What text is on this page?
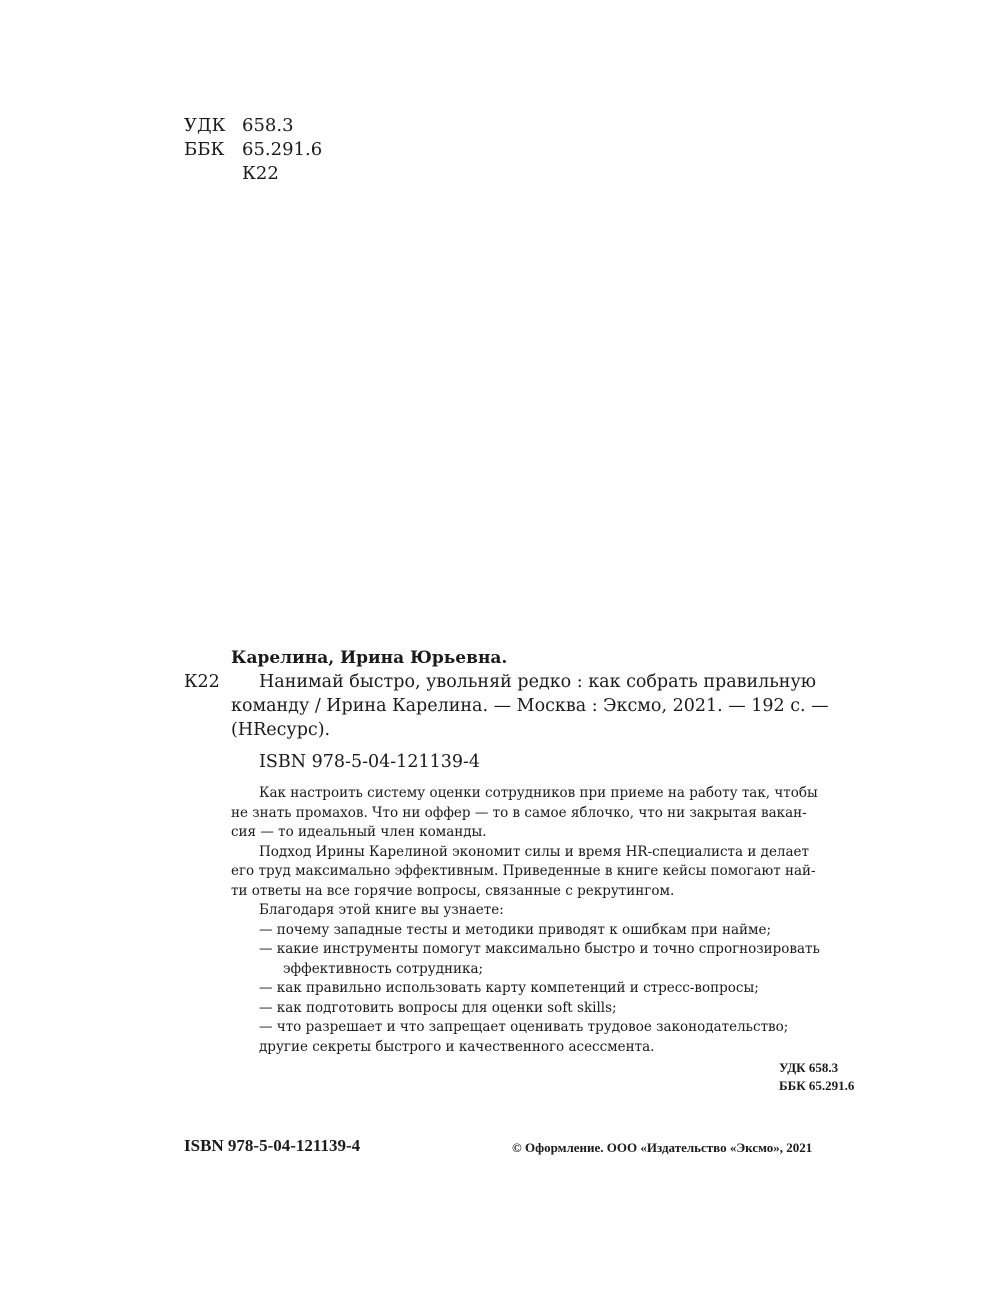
УДК 658.3
ББК 65.291.6
К22
Карелина, Ирина Юрьевна.
К22 Нанимай быстро, увольняй редко : как собрать правильную
команду / Ирина Карелина. — Москва : Эксмо, 2021. — 192 с. —
(HRecурс).
ISBN 978-5-04-121139-4
Как настроить систему оценки сотрудников при приеме на работу так, чтобы
не знать промахов. Что ни оффер — то в самое яблочко, что ни закрытая вакан-
сия — то идеальный член команды.
Подход Ирины Карелиной экономит силы и время HR-специалиста и делает
его труд максимально эффективным. Приведенные в книге кейсы помогают най-
ти ответы на все горячие вопросы, связанные с рекрутингом.
Благодаря этой книге вы узнаете:
— почему западные тесты и методики приводят к ошибкам при найме;
— какие инструменты помогут максимально быстро и точно спрогнозировать
эффективность сотрудника;
— как правильно использовать карту компетенций и стресс-вопросы;
— как подготовить вопросы для оценки soft skills;
— что разрешает и что запрещает оценивать трудовое законодательство;
другие секреты быстрого и качественного асессмента.
УДК 658.3
ББК 65.291.6
ISBN 978-5-04-121139-4	© Оформление. ООО «Издательство «Эксмо», 2021
